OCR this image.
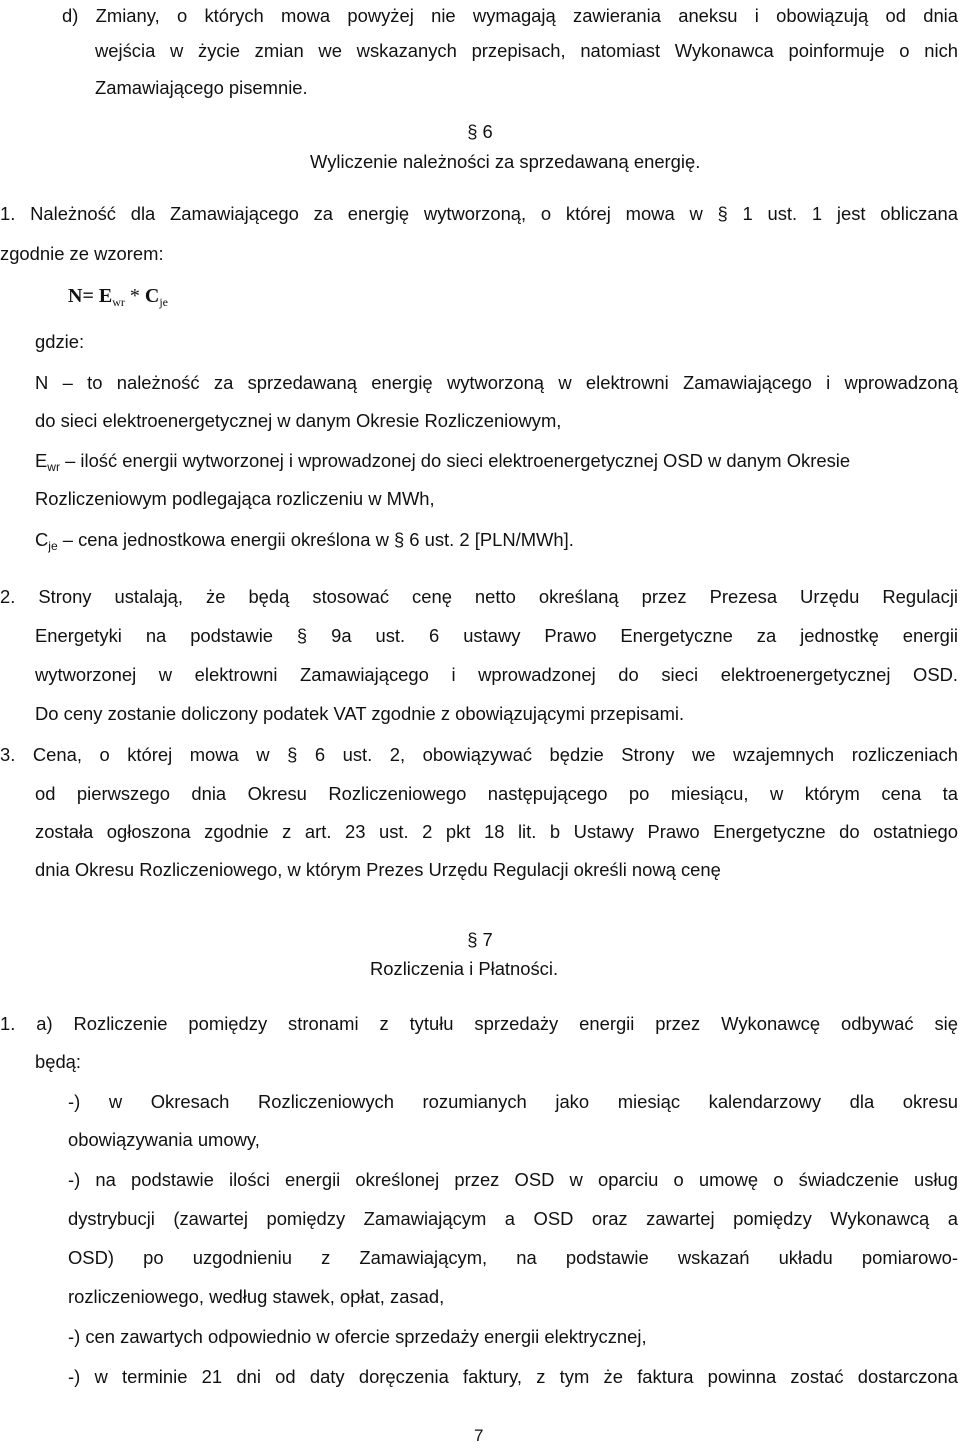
d) Zmiany, o których mowa powyżej nie wymagają zawierania aneksu i obowiązują od dnia
wejścia w życie zmian we wskazanych przepisach, natomiast Wykonawca poinformuje o nich
Zamawiającego pisemnie.
§ 6
Wyliczenie należności za sprzedawaną energię.
1. Należność dla Zamawiającego za energię wytworzoną, o której mowa w § 1 ust. 1 jest obliczana
zgodnie ze wzorem:
$N= E_{wr} * C_{je}$
gdzie:
N – to należność za sprzedawaną energię wytworzoną w elektrowni Zamawiającego i wprowadzoną
do sieci elektroenergetycznej w danym Okresie Rozliczeniowym,
$E_{wr}$ – ilość energii wytworzonej i wprowadzonej do sieci elektroenergetycznej OSD w danym Okresie
Rozliczeniowym podlegająca rozliczeniu w MWh,
$C_{je}$ – cena jednostkowa energii określona w § 6 ust. 2 [PLN/MWh].
2. Strony ustalają, że będą stosować cenę netto określaną przez Prezesa Urzędu Regulacji
Energetyki na podstawie § 9a ust. 6 ustawy Prawo Energetyczne za jednostkę energii
wytworzonej w elektrowni Zamawiającego i wprowadzonej do sieci elektroenergetycznej OSD.
Do ceny zostanie doliczony podatek VAT zgodnie z obowiązującymi przepisami.
3. Cena, o której mowa w § 6 ust. 2, obowiązywać będzie Strony we wzajemnych rozliczeniach
od pierwszego dnia Okresu Rozliczeniowego następującego po miesiącu, w którym cena ta
została ogłoszona zgodnie z art. 23 ust. 2 pkt 18 lit. b Ustawy Prawo Energetyczne do ostatniego
dnia Okresu Rozliczeniowego, w którym Prezes Urzędu Regulacji określi nową cenę
§ 7
Rozliczenia i Płatności.
1. a) Rozliczenie pomiędzy stronami z tytułu sprzedaży energii przez Wykonawcę odbywać się
będą:
-) w Okresach Rozliczeniowych rozumianych jako miesiąc kalendarzowy dla okresu
obowiązywania umowy,
-) na podstawie ilości energii określonej przez OSD w oparciu o umowę o świadczenie usług
dystrybucji (zawartej pomiędzy Zamawiającym a OSD oraz zawartej pomiędzy Wykonawcą a
OSD) po uzgodnieniu z Zamawiającym, na podstawie wskazań układu pomiarowo-
rozliczeniowego, według stawek, opłat, zasad,
-) cen zawartych odpowiednio w ofercie sprzedaży energii elektrycznej,
-) w terminie 21 dni od daty doręczenia faktury, z tym że faktura powinna zostać dostarczona
7
